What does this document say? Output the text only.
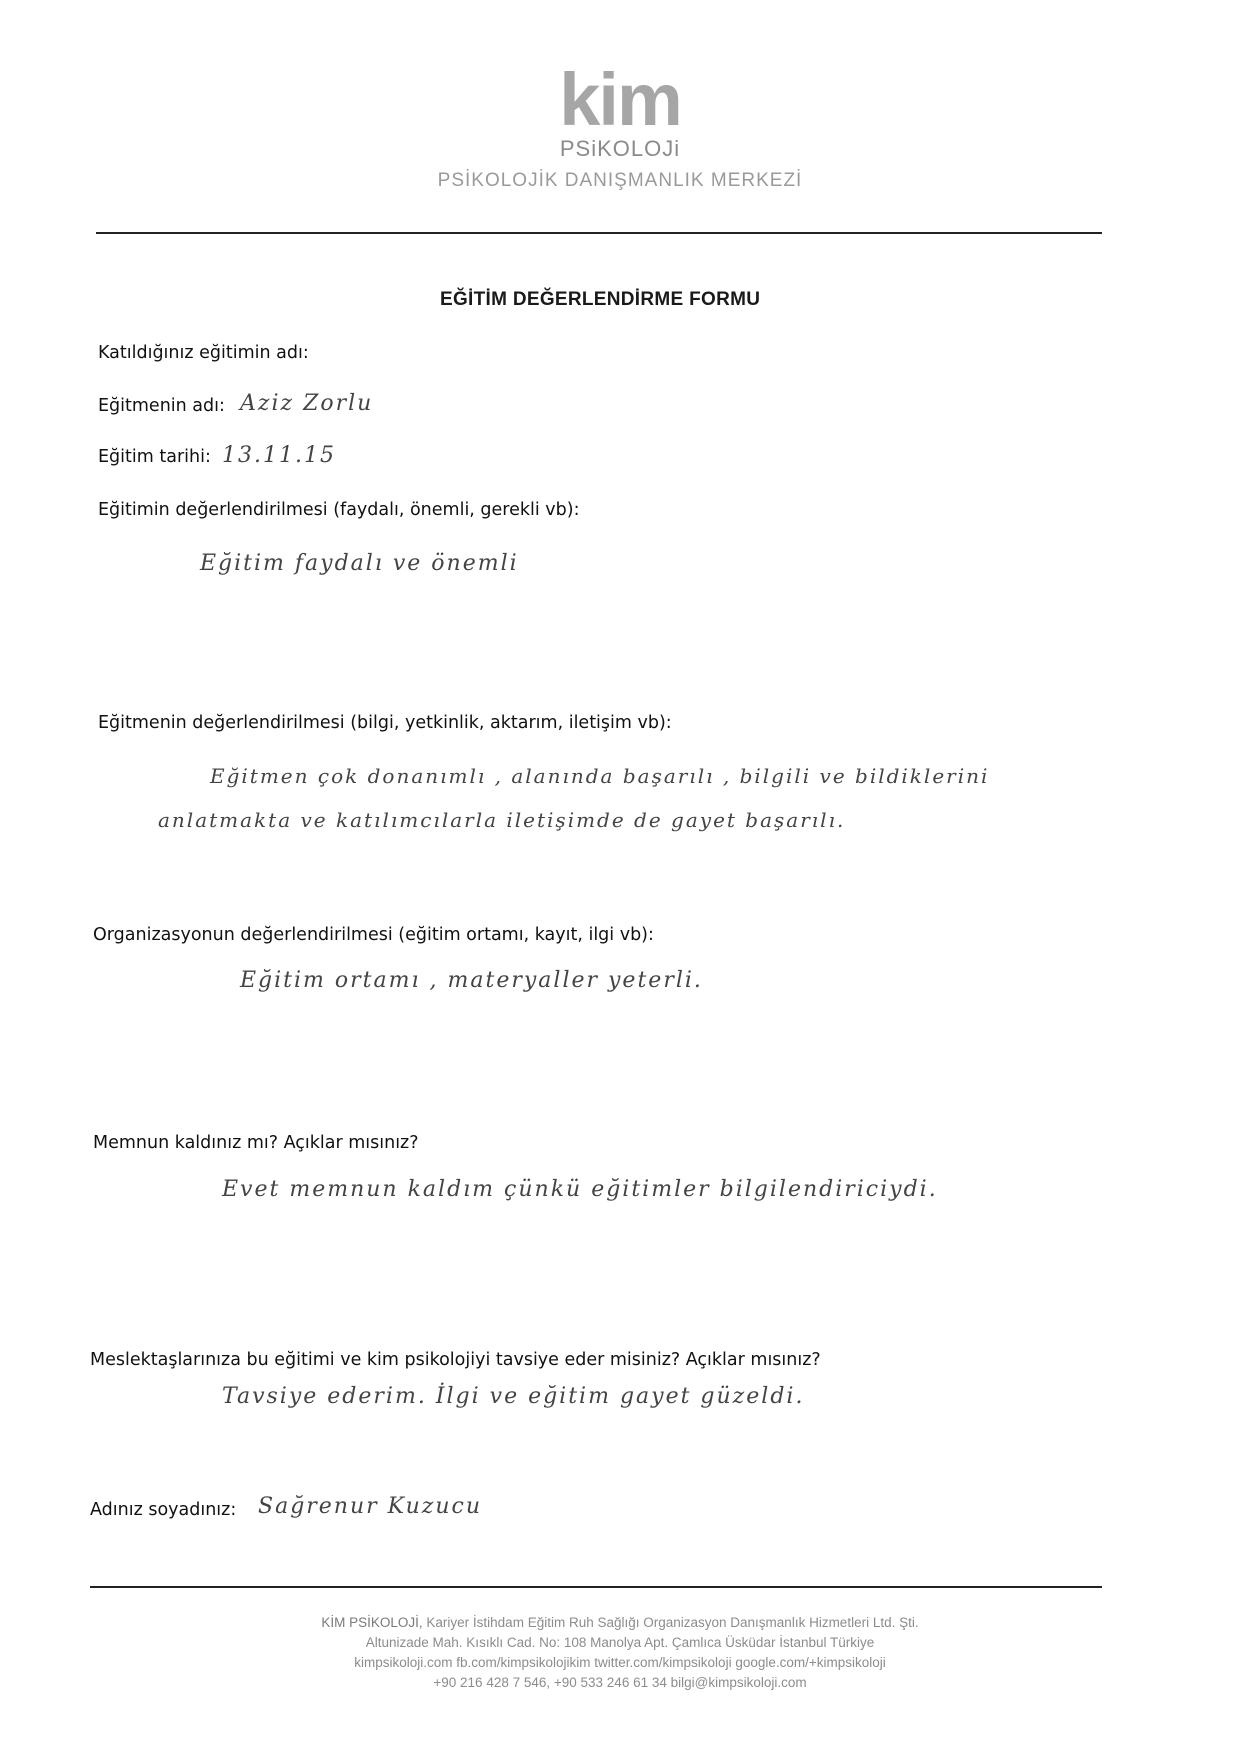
kim
PSiKOLOJi
PSİKOLOJİK DANIŞMANLIK MERKEZİ
EĞİTİM DEĞERLENDİRME FORMU
Katıldığınız eğitimin adı:
Eğitmenin adı: Aziz Zorlu
Eğitim tarihi: 13.11.15
Eğitimin değerlendirilmesi (faydalı, önemli, gerekli vb):
Eğitim faydalı ve önemli
Eğitmenin değerlendirilmesi (bilgi, yetkinlik, aktarım, iletişim vb):
Eğitmen çok donanımlı , alanında başarılı , bilgili ve bildiklerini
anlatmakta ve katılımcılarla iletişimde de gayet başarılı.
Organizasyonun değerlendirilmesi (eğitim ortamı, kayıt, ilgi vb):
Eğitim ortamı , materyaller yeterli.
Memnun kaldınız mı? Açıklar mısınız?
Evet memnun kaldım çünkü eğitimler bilgilendiriciydi.
Meslektaşlarınıza bu eğitimi ve kim psikolojiyi tavsiye eder misiniz? Açıklar mısınız?
Tavsiye ederim. İlgi ve eğitim gayet güzeldi.
Adınız soyadınız: Sağrenur Kuzucu
KİM PSİKOLOJİ, Kariyer İstihdam Eğitim Ruh Sağlığı Organizasyon Danışmanlık Hizmetleri Ltd. Şti.
Altunizade Mah. Kısıklı Cad. No: 108 Manolya Apt. Çamlıca Üsküdar İstanbul Türkiye
kimpsikoloji.com fb.com/kimpsikolojikim twitter.com/kimpsikoloji google.com/+kimpsikoloji
+90 216 428 7 546, +90 533 246 61 34 bilgi@kimpsikoloji.com
